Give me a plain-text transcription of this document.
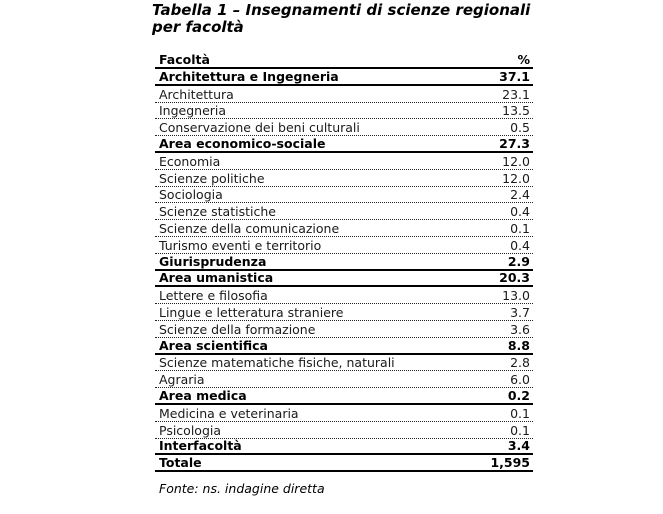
Tabella 1 – Insegnamenti di scienze regionali
per facoltà
Facoltà	%
Architettura e Ingegneria	37.1
Architettura	23.1
Ingegneria	13.5
Conservazione dei beni culturali	0.5
Area economico-sociale	27.3
Economia	12.0
Scienze politiche	12.0
Sociologia	2.4
Scienze statistiche	0.4
Scienze della comunicazione	0.1
Turismo eventi e territorio	0.4
Giurisprudenza	2.9
Area umanistica	20.3
Lettere e filosofia	13.0
Lingue e letteratura straniere	3.7
Scienze della formazione	3.6
Area scientifica	8.8
Scienze matematiche fisiche, naturali	2.8
Agraria	6.0
Area medica	0.2
Medicina e veterinaria	0.1
Psicologia	0.1
Interfacoltà	3.4
Totale	1,595
Fonte: ns. indagine diretta
